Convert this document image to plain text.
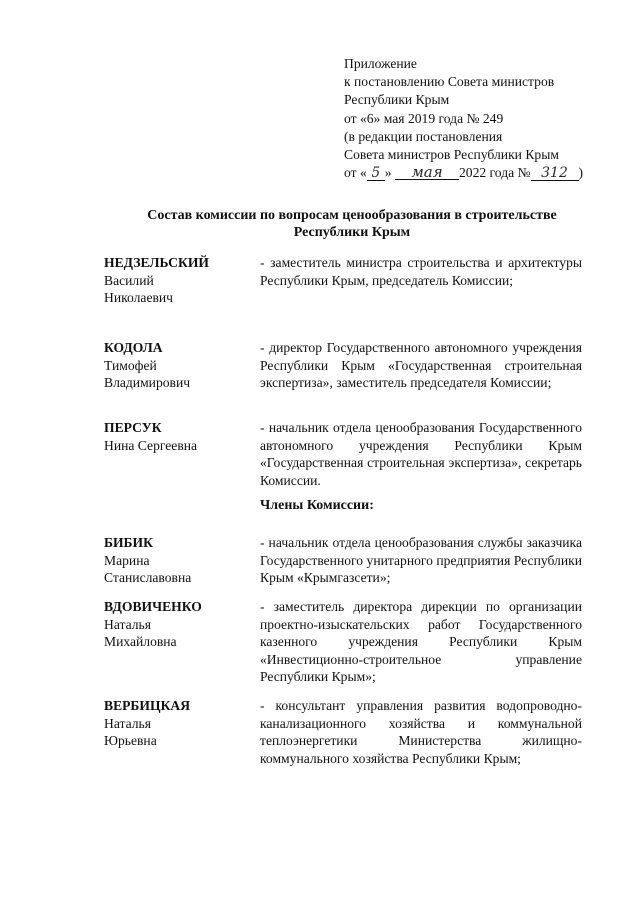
Приложение
к постановлению Совета министров
Республики Крым
от «6» мая 2019 года № 249
(в редакции постановления
Совета министров Республики Крым
от « 5 » мая 2022 года № 312 )
Состав комиссии по вопросам ценообразования в строительстве
Республики Крым
НЕДЗЕЛЬСКИЙ
Василий
Николаевич
- заместитель министра строительства и архитектуры Республики Крым, председатель Комиссии;
КОДОЛА
Тимофей
Владимирович
- директор Государственного автономного учреждения Республики Крым «Государственная строительная экспертиза», заместитель председателя Комиссии;
ПЕРСУК
Нина Сергеевна
- начальник отдела ценообразования Государственного автономного учреждения Республики Крым «Государственная строительная экспертиза», секретарь Комиссии.
Члены Комиссии:
БИБИК
Марина
Станиславовна
- начальник отдела ценообразования службы заказчика Государственного унитарного предприятия Республики Крым «Крымгазсети»;
ВДОВИЧЕНКО
Наталья
Михайловна
- заместитель директора дирекции по организации проектно-изыскательских работ Государственного казенного учреждения Республики Крым «Инвестиционно-строительное управление Республики Крым»;
ВЕРБИЦКАЯ
Наталья
Юрьевна
- консультант управления развития водопроводно-канализационного хозяйства и коммунальной теплоэнергетики Министерства жилищно-коммунального хозяйства Республики Крым;
